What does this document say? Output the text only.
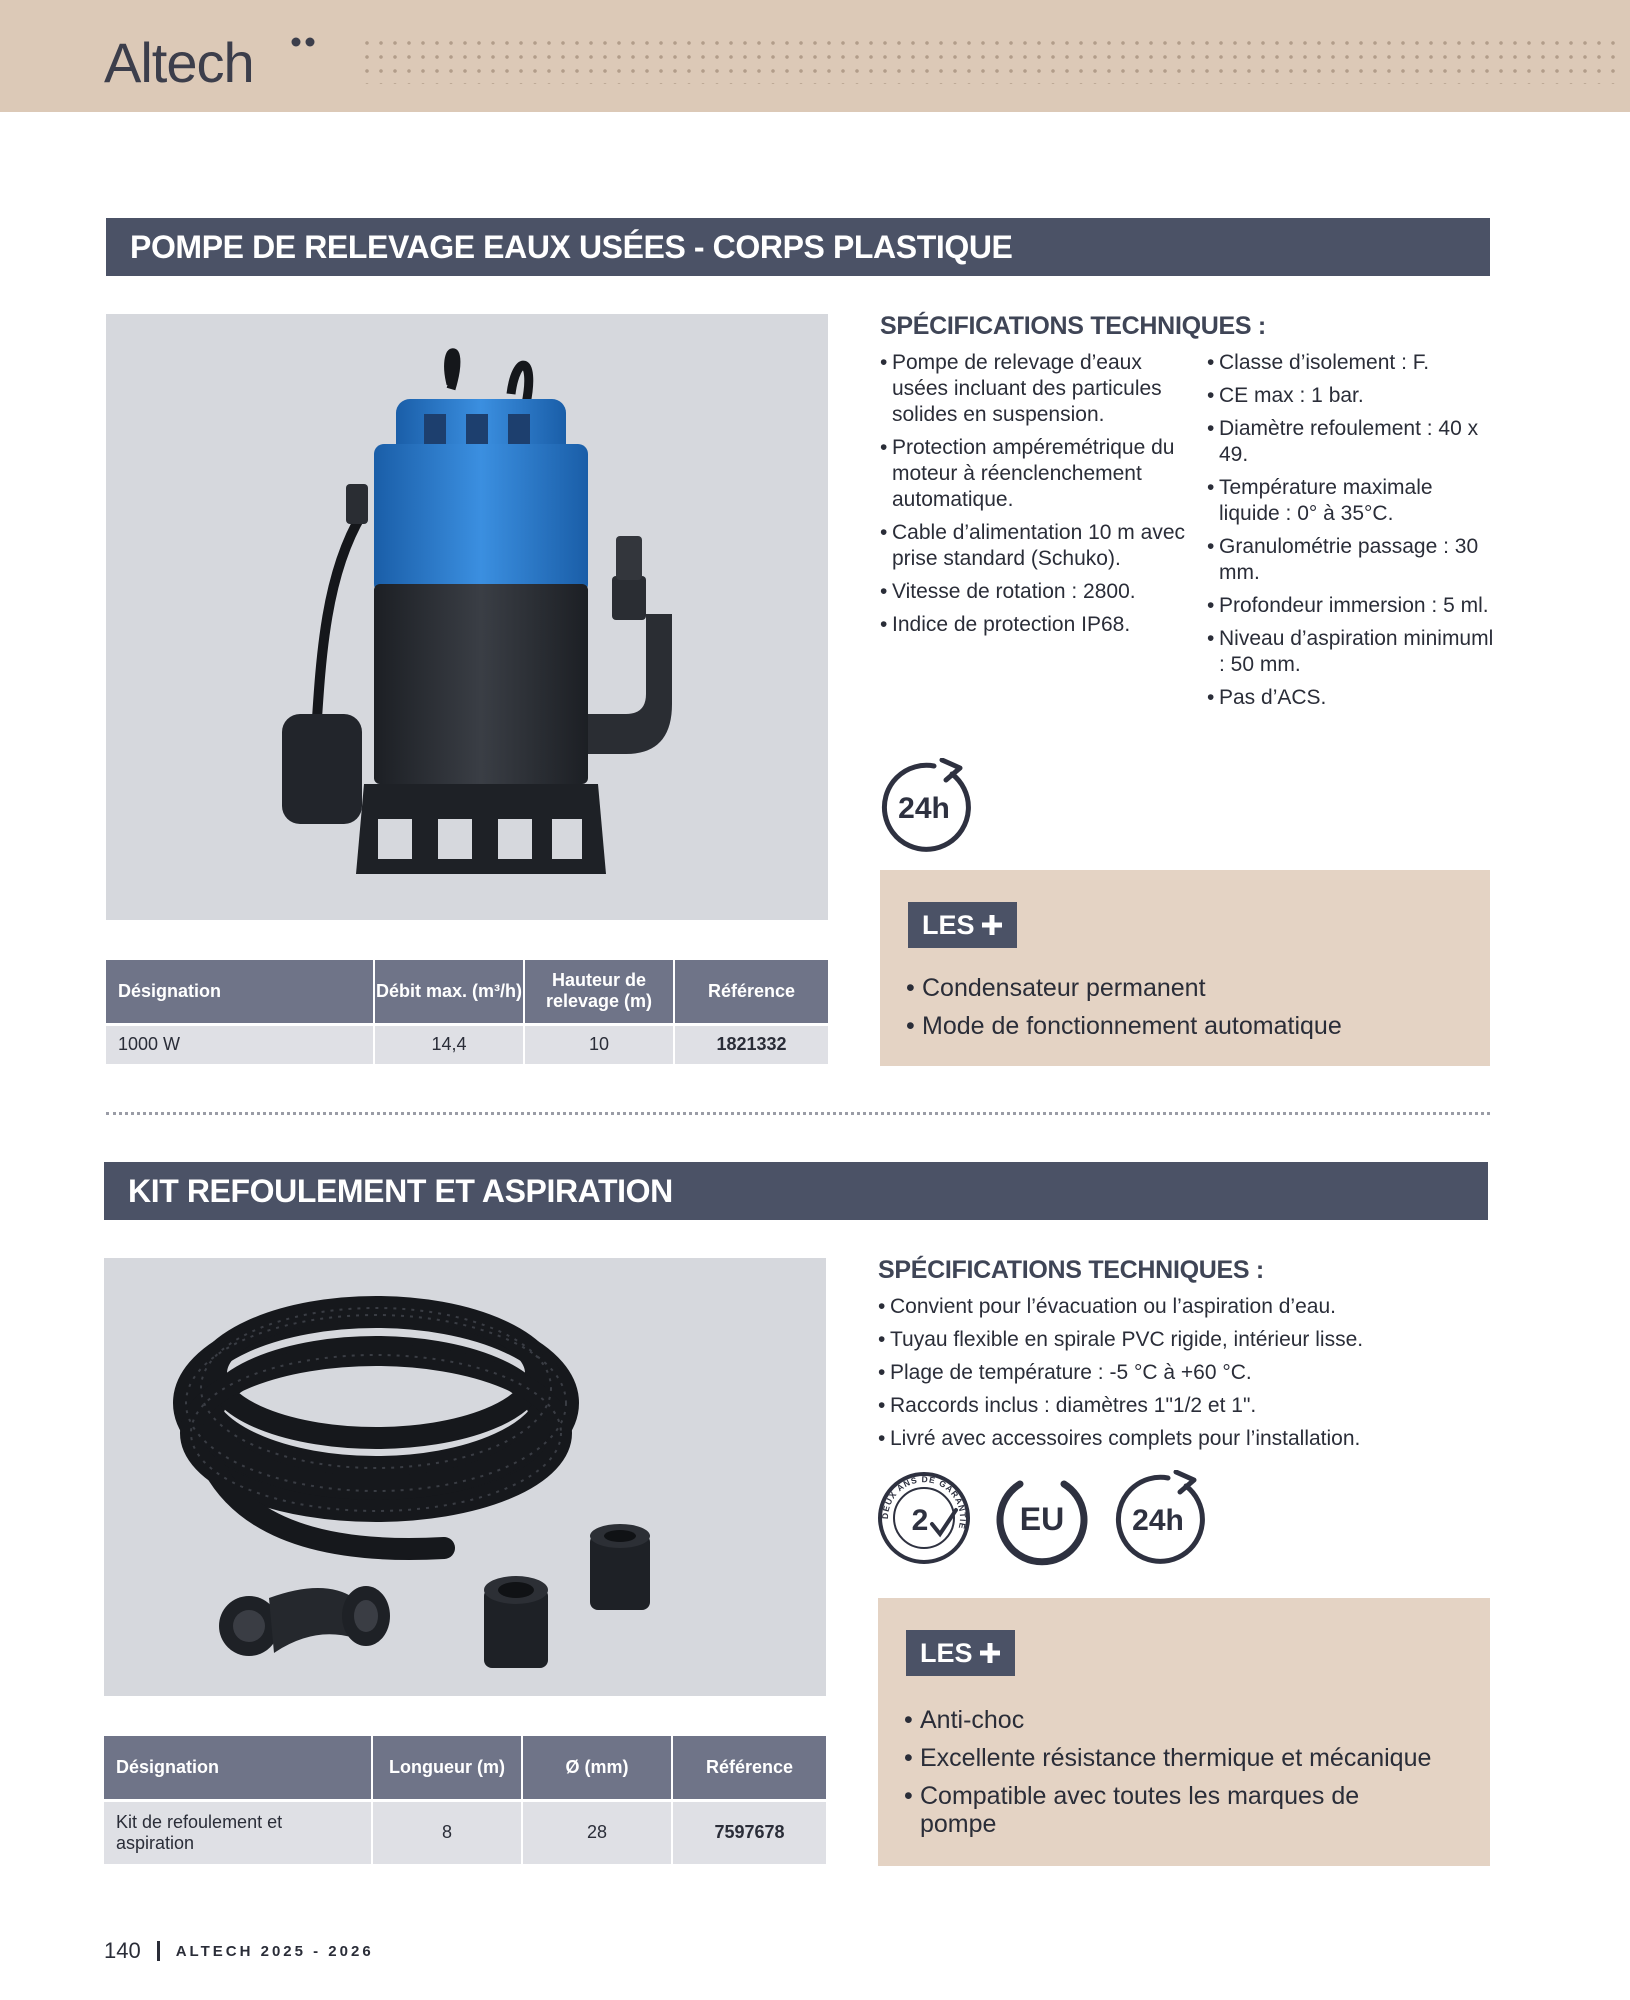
Altech
POMPE DE RELEVAGE EAUX USÉES - CORPS PLASTIQUE
SPÉCIFICATIONS TECHNIQUES :
• Pompe de relevage d’eaux usées incluant des particules solides en suspension.
• Protection ampéremétrique du moteur à réenclenchement automatique.
• Cable d’alimentation 10 m avec prise standard (Schuko).
• Vitesse de rotation : 2800.
• Indice de protection IP68.
• Classe d’isolement : F.
• CE max : 1 bar.
• Diamètre refoulement : 40 x 49.
• Température maximale liquide : 0° à 35°C.
• Granulométrie passage : 30 mm.
• Profondeur immersion : 5 ml.
• Niveau d’aspiration minimuml : 50 mm.
• Pas d’ACS.
24h
LES
• Condensateur permanent
• Mode de fonctionnement automatique
Désignation	Débit max. (m³/h)	Hauteur de relevage (m)	Référence
1000 W	14,4	10	1821332
KIT REFOULEMENT ET ASPIRATION
SPÉCIFICATIONS TECHNIQUES :
• Convient pour l’évacuation ou l’aspiration d’eau.
• Tuyau flexible en spirale PVC rigide, intérieur lisse.
• Plage de température : -5 °C à +60 °C.
• Raccords inclus : diamètres 1"1/2 et 1".
• Livré avec accessoires complets pour l’installation.
DEUX ANS DE GARANTIE
2	EU 24h
LES
• Anti-choc
• Excellente résistance thermique et mécanique
• Compatible avec toutes les marques de pompe
Désignation	Longueur (m)	Ø (mm)	Référence
Kit de refoulement et aspiration	8	28	7597678
140 ALTECH 2025 - 2026
